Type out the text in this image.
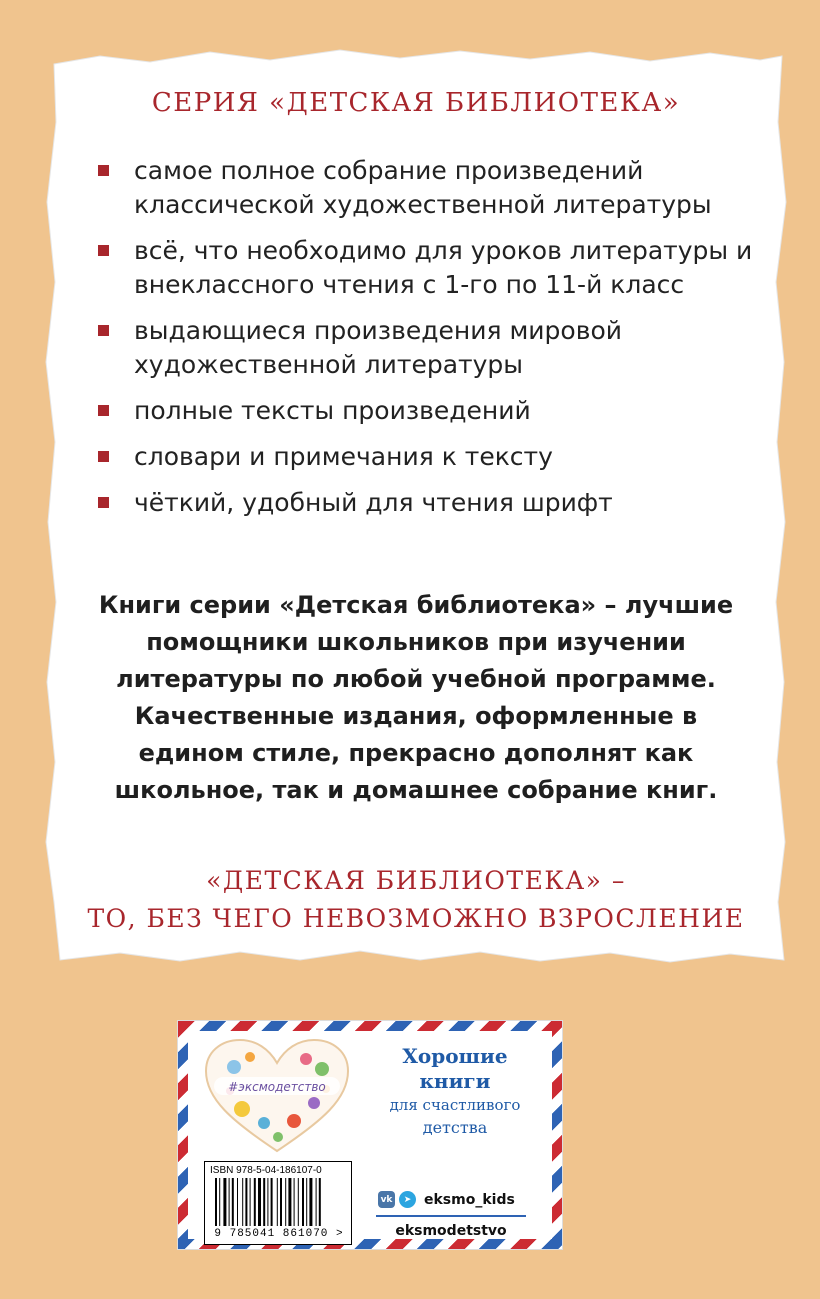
СЕРИЯ «ДЕТСКАЯ БИБЛИОТЕКА»
самое полное собрание произведений классической художественной литературы
всё, что необходимо для уроков литературы и внеклассного чтения с 1-го по 11-й класс
выдающиеся произведения мировой художественной литературы
полные тексты произведений
словари и примечания к тексту
чёткий, удобный для чтения шрифт

Книги серии «Детская библиотека» – лучшие помощники школьников при изучении литературы по любой учебной программе. Качественные издания, оформленные в едином стиле, прекрасно дополнят как школьное, так и домашнее собрание книг.

«ДЕТСКАЯ БИБЛИОТЕКА» –
ТО, БЕЗ ЧЕГО НЕВОЗМОЖНО ВЗРОСЛЕНИЕ
#эксмодетство
Хорошие
книги
для счастливого
детства
ISBN 978-5-04-186107-0
9 785041 861070 >
vk	➤ eksmo_kids
eksmodetstvo
